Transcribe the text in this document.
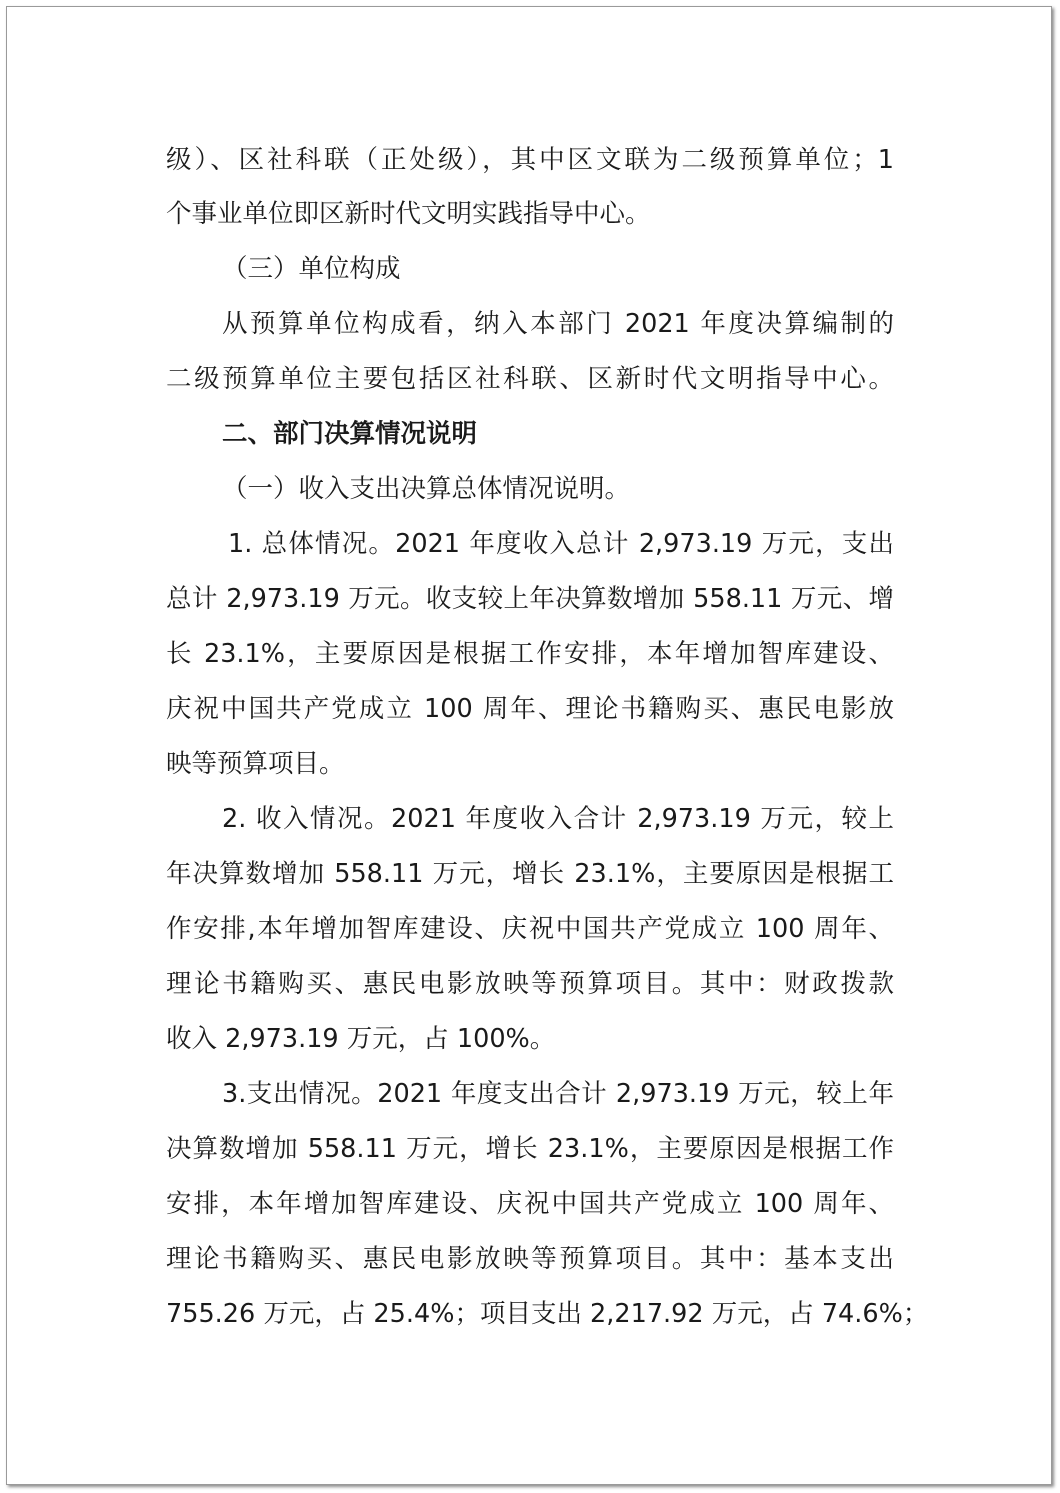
级）、区社科联（正处级），其中区文联为二级预算单位；1
个事业单位即区新时代文明实践指导中心。
（三）单位构成
从预算单位构成看，纳入本部门 2021 年度决算编制的
二级预算单位主要包括区社科联、区新时代文明指导中心。
二、部门决算情况说明
（一）收入支出决算总体情况说明。
1. 总体情况。2021 年度收入总计 2,973.19 万元，支出
总计 2,973.19 万元。收支较上年决算数增加 558.11 万元、增
长 23.1%，主要原因是根据工作安排，本年增加智库建设、
庆祝中国共产党成立 100 周年、理论书籍购买、惠民电影放
映等预算项目。
2. 收入情况。2021 年度收入合计 2,973.19 万元，较上
年决算数增加 558.11 万元，增长 23.1%，主要原因是根据工
作安排,本年增加智库建设、庆祝中国共产党成立 100 周年、
理论书籍购买、惠民电影放映等预算项目。其中：财政拨款
收入 2,973.19 万元，占 100%。
3.支出情况。2021 年度支出合计 2,973.19 万元，较上年
决算数增加 558.11 万元，增长 23.1%，主要原因是根据工作
安排，本年增加智库建设、庆祝中国共产党成立 100 周年、
理论书籍购买、惠民电影放映等预算项目。其中：基本支出
755.26 万元，占 25.4%；项目支出 2,217.92 万元，占 74.6%；
